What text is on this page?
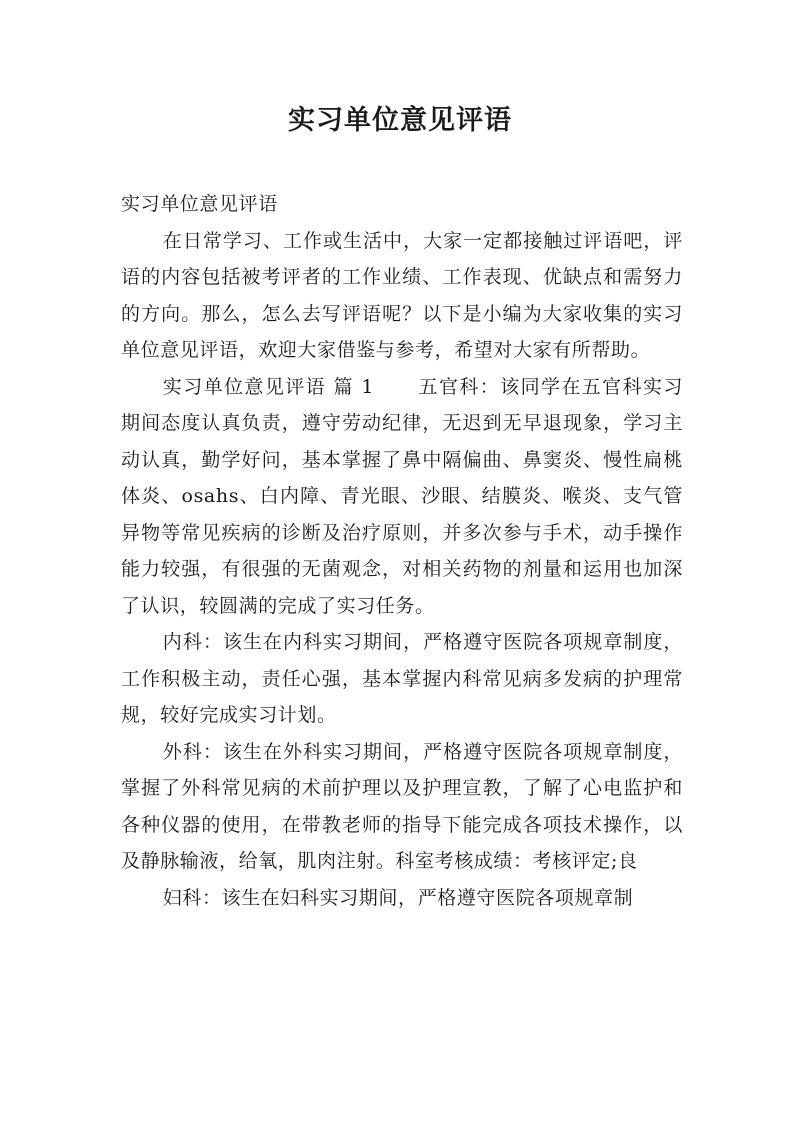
实习单位意见评语

实习单位意见评语

在日常学习、工作或生活中，大家一定都接触过评语吧，评语的内容包括被考评者的工作业绩、工作表现、优缺点和需努力的方向。那么，怎么去写评语呢？以下是小编为大家收集的实习单位意见评语，欢迎大家借鉴与参考，希望对大家有所帮助。

实习单位意见评语 篇 1 五官科：该同学在五官科实习期间态度认真负责，遵守劳动纪律，无迟到无早退现象，学习主动认真，勤学好问，基本掌握了鼻中隔偏曲、鼻窦炎、慢性扁桃体炎、osahs、白内障、青光眼、沙眼、结膜炎、喉炎、支气管异物等常见疾病的诊断及治疗原则，并多次参与手术，动手操作能力较强，有很强的无菌观念，对相关药物的剂量和运用也加深了认识，较圆满的完成了实习任务。

内科：该生在内科实习期间，严格遵守医院各项规章制度，工作积极主动，责任心强，基本掌握内科常见病多发病的护理常规，较好完成实习计划。

外科：该生在外科实习期间，严格遵守医院各项规章制度，掌握了外科常见病的术前护理以及护理宣教，了解了心电监护和各种仪器的使用，在带教老师的指导下能完成各项技术操作，以及静脉输液，给氧，肌肉注射。科室考核成绩：考核评定;良

妇科：该生在妇科实习期间，严格遵守医院各项规章制
